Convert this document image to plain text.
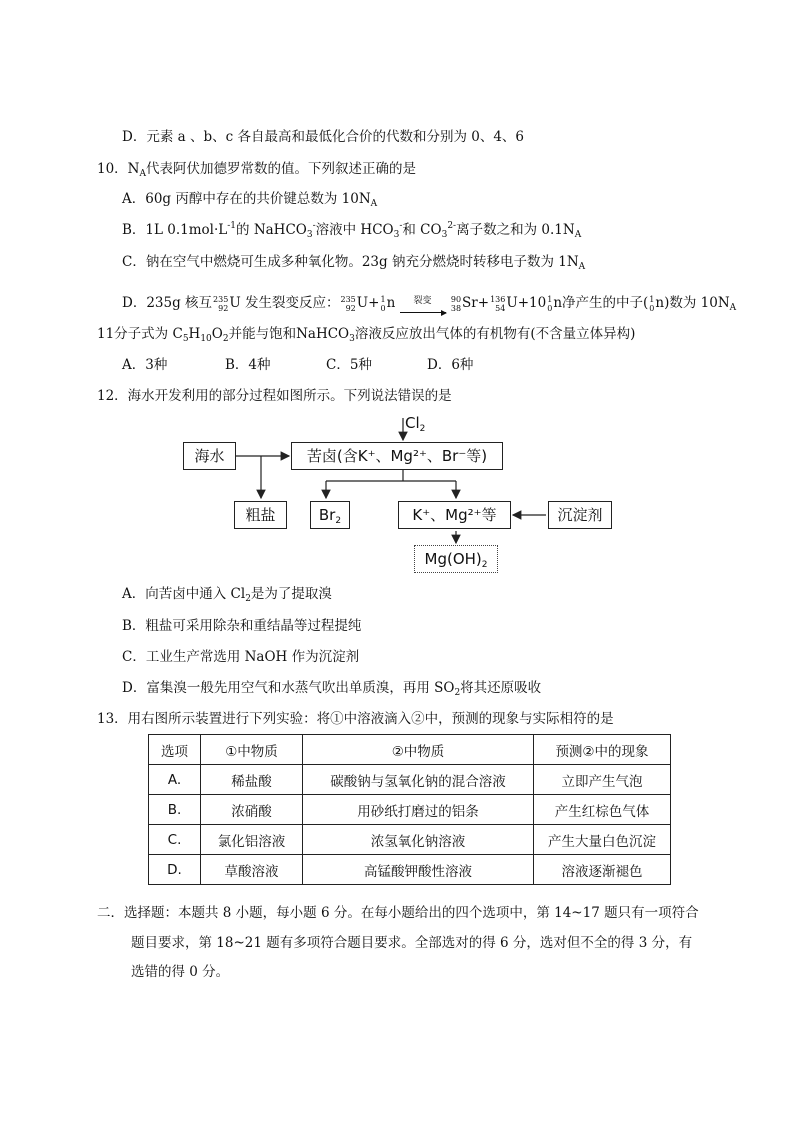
D．元素 a 、b、c 各自最高和最低化合价的代数和分别为 0、4、6
10．$N_A$代表阿伏加德罗常数的值。下列叙述正确的是
A．60g 丙醇中存在的共价键总数为 $10N_A$
B．1L $0.1mol\cdot L^{-1}$的 NaHCO$_3$-溶液中 $HCO_3^-$和 $CO_3^{2-}$离子数之和为 $0.1N_A$
C．钠在空气中燃烧可生成多种氧化物。23g 钠充分燃烧时转移电子数为 $1N_A$
D．235g 核互 235
92 U 发生裂变反应： 235
92 U+ 1
0 n 裂变 90
38 Sr+ 136
54 U+10 1
0 n净产生的中子( 1
0 n)数为 $10N_A$
11分子式为 $C_5H_{10}O_2$并能与饱和NaHCO$_3$溶液反应放出气体的有机物有(不含量立体异构)
A．3种	B．4种	C．5种	D．6种
12．海水开发利用的部分过程如图所示。下列说法错误的是
$Cl_2$
海水	苦卤(含K⁺、Mg²⁺、Br⁻等)
粗盐	$Br_2$	K⁺、Mg²⁺等	沉淀剂
$Mg(OH)_2$
A．向苦卤中通入 $Cl_2$是为了提取溴
B．粗盐可采用除杂和重结晶等过程提纯
C．工业生产常选用 NaOH 作为沉淀剂
D．富集溴一般先用空气和水蒸气吹出单质溴，再用 $SO_2$将其还原吸收
13．用右图所示装置进行下列实验：将①中溶液滴入②中，预测的现象与实际相符的是
选项	①中物质	②中物质	预测②中的现象
A.	稀盐酸	碳酸钠与氢氧化钠的混合溶液	立即产生气泡
B.	浓硝酸	用砂纸打磨过的铝条	产生红棕色气体
C.	氯化铝溶液	浓氢氧化钠溶液	产生大量白色沉淀
D.	草酸溶液	高锰酸钾酸性溶液	溶液逐渐褪色
二．选择题：本题共 8 小题，每小题 6 分。在每小题给出的四个选项中，第 14~17 题只有一项符合
题目要求，第 18~21 题有多项符合题目要求。全部选对的得 6 分，选对但不全的得 3 分，有
选错的得 0 分。
